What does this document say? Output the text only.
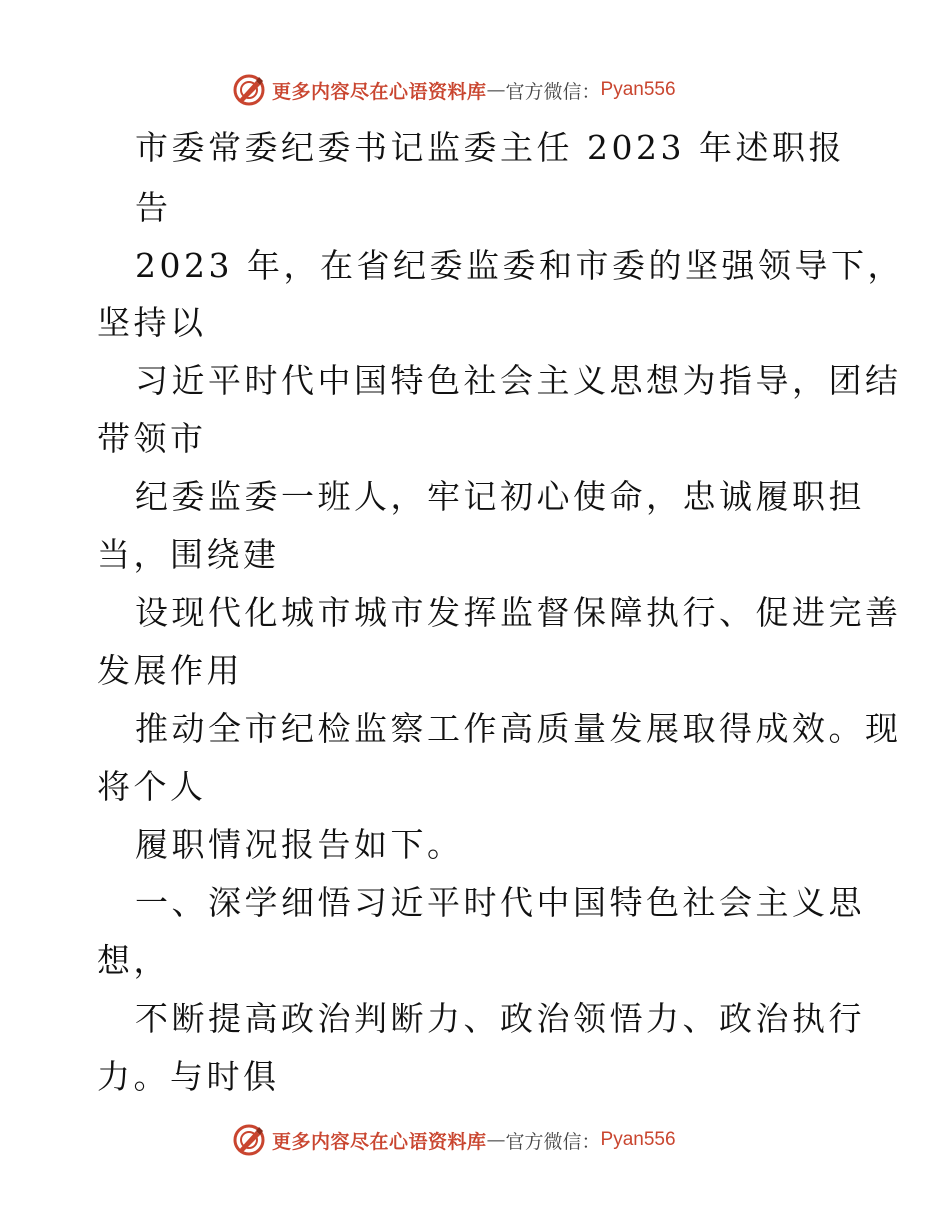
更多内容尽在心语资料库 — 官方微信： Pyan556
市委常委纪委书记监委主任 2023 年述职报
告
2023 年，在省纪委监委和市委的坚强领导下，
坚持以
习近平时代中国特色社会主义思想为指导，团结
带领市
纪委监委一班人，牢记初心使命，忠诚履职担
当，围绕建
设现代化城市城市发挥监督保障执行、促进完善
发展作用
推动全市纪检监察工作高质量发展取得成效。现
将个人
履职情况报告如下。
一、深学细悟习近平时代中国特色社会主义思
想，
不断提高政治判断力、政治领悟力、政治执行
力。与时俱
更多内容尽在心语资料库 — 官方微信： Pyan556
